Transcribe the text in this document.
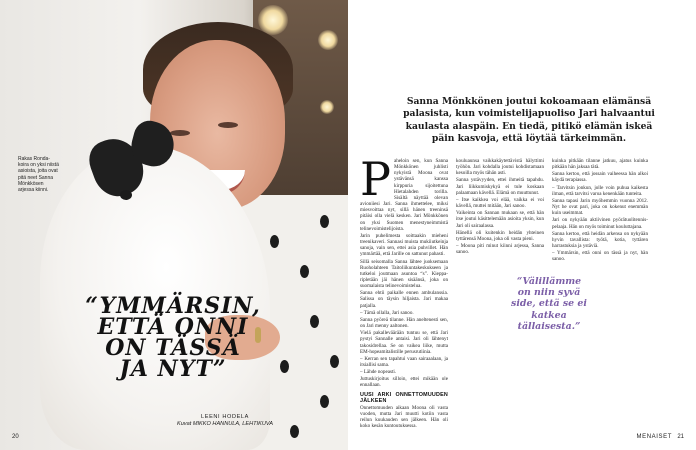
Rakas Ronda-koira on yksi niistä asioista, joita ovat pitä neet Sanna Mönkkösen arjessa kiinni.
“YMMÄRSIN,
ETTÄ ONNI
ON TÄSSÄ
JA NYT”
LEENI HODELA
Kuvat MIKKO HANNULA, LEHTIKUVA
20
Sanna Mönkkönen joutui kokoamaan elämänsä palasista, kun voimistelijapuoliso Jari halvaantui kaulasta alaspäin. En tiedä, pitikö elämän iskeä päin kasvoja, että löytää tärkeimmän.
P aheloin sen, kun Sanna Mönkkönen juhlisti nykyistä Moona ovat ystävänsä kanssa kirppuria sijoitettuna Hietalahden torilla. Sisältä näyttää olevan avioniiesi Jari. Sanna ihmettelee, miksi miesvoittaa nyt, sillä hänen treeninsä pitäisi olla vielä kesken. Jari Mönkkönen on yksi Suomen menestyneimmistä telinevoimistelijoista.

Jarin puhelimesta soittaakin mieheni treenikaveri. Sannasi muista mukiiutkeinja sanoja, vain sen, ettei asia puhvillet. Hän ymmärtää, että Jarille on sattunut pahasti.

Sillä seisomalla Sanna lähtee juoksemaan Ruoholahteen Taitoliikuntakeskukseen ja tutkeloi joutmaan asuntoa “s”. Kieppa-ripletään jäi hänen sisäänsä, joka on suomalaista telinevoimistelua.

Sanna ehtii paikalle ennen ambulanssia. Salissa on täysin hiljaista. Jari makaa patjalla.

– Tämä ollalla, Jari sanoo.

Sanna pyöreä tilanne. Hän aneltenesti sen, on Jari menny aaltonen.

Vielä pakalleväärään tuntuu se, että Jari pystyi Sannalle antaisi. Jari oli lähtenyt takosidrellaa. Se on vaikea liike, mutta EM-hopeamitalistille perusrutiinia.

– Kerran sen tapahtui vaan sairaaalaan, ja itsiallisi sama.

– Lähde nopeasti.

Juttuskirjoitus silloin, ettei mikään ole ennallaan.

UUSI ARKI ONNETTOMUUDEN JÄLKEEN

Onnettomuuden aikaan Moona oli vasta vuoden, mutta Jari muutti kotiin vasta reilun kuukauden sen jälkeen. Hän oli koko kesän kuntoutuksessa.

kouluaunsa vaikkakäytettävistä hälyttimi työhön. Jari kohdalla joutui kohdistamaan kesoilla myös tähän asti.

Sanna ystävyyden, ettei ihmeitä tapahdu. Jari liikkumiskykyä ei tule koskaan palaamaan kävellä. Elämä on muuttunut.

– Itse kaikkea voi elää, vaikka ei voi kävellä, muttei mitään, Jari sanoo.

Vaikeinta on Sannan mukaan se, että hän itse joutui käsittelemään asioita yksin, kun Jari oli sairaalassa.

Hänellä oli kuitenkin heidän yhteinen tyttärensä Moona, joka oli vasta pieni.

– Moona piti minut kiinni arjessa, Sanna sanoo.

kuinka pitkään tilanne jatkuu, ajatus kuinka pitkään hän jaksaa tätä.

Sanna kertoo, että jossain vaiheessa hän alkoi käydä terapiassa.

– Tarvitsin jonkun, jolle voin puhua kaikesta ilman, että tarvitsi varoa kenenkään tunteita.

Sanna tapasi Jarin myöhemmin vuonna 2012. Nyt he ovat pari, joka on kokenut enemmän kuin useimmat.

Jari on nykyään aktiivinen pyörätuolitennis-pelaaja. Hän on myös toiminut kouluttajana.

Sanna kertoo, että heidän arkensa on nykyään hyvin tavallista: työtä, kotia, tyttären harrastuksia ja ystäviä.

– Ymmärsin, että onni on tässä ja nyt, hän sanoo.

“Välillämme on niin syvä side, että se ei katkea tällaisesta.”
MENAISET 21
